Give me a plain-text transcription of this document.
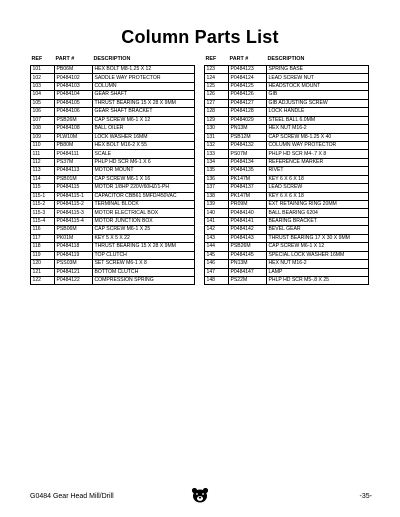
Column Parts List
REF	PART #	DESCRIPTION
101	PB06M	HEX BOLT M8-1.25 X 12
102	P0484102	SADDLE WAY PROTECTOR
103	P0484103	COLUMN
104	P0484104	GEAR SHAFT
105	P0484105	THRUST BEARING 15 X 28 X 9MM
106	P0484106	GEAR SHAFT BRACKET
107	PSB26M	CAP SCREW M6-1 X 12
108	P0484108	BALL OILER
109	PLW10M	LOCK WASHER 16MM
110	PB80M	HEX BOLT M16-2 X 55
111	P0484111	SCALE
112	PS37M	PHLP HD SCR M6-1 X 6
113	P0484113	MOTOR MOUNT
114	PSB01M	CAP SCREW M6-1 X 16
115	P0484115	MOTOR 1/8HP 220V/60HZ/1-PH
115-1	P0484115-1	CAPACITOR CBB61 5MFD/450VAC
115-2	P0484115-2	TERMINAL BLOCK
115-3	P0484115-3	MOTOR ELECTRICAL BOX
115-4	P0484115-4	MOTOR JUNCTION BOX
116	PSB06M	CAP SCREW M6-1 X 25
117	PK01M	KEY 5 X 5 X 22
118	P0484118	THRUST BEARING 15 X 28 X 9MM
119	P0484119	TOP CLUTCH
120	PSS03M	SET SCREW M6-1 X 8
121	P0484121	BOTTOM CLUTCH
122	P0484122	COMPRESSION SPRING
REF	PART #	DESCRIPTION
123	P0484123	SPRING BASE
124	P0484124	LEAD SCREW NUT
125	P0484125	HEADSTOCK MOUNT
126	P0484126	GIB
127	P0484127	GIB ADJUSTING SCREW
128	P0484128	LOCK HANDLE
129	P0484029	STEEL BALL 6.0MM
130	PN13M	HEX NUT M16-2
131	PSB12M	CAP SCREW M8-1.25 X 40
132	P0484132	COLUMN WAY PROTECTOR
133	PS07M	PHLP HD SCR M4-.7 X 8
134	P0484134	REFERENCE MARKER
135	P0484135	RIVET
136	PK147M	KEY 6 X 6 X 18
137	P0484137	LEAD SCREW
138	PK147M	KEY 6 X 6 X 18
139	PR09M	EXT RETAINING RING 20MM
140	P0484140	BALL BEARING 6204
141	P0484141	BEARING BRACKET
142	P0484142	BEVEL GEAR
143	P0484143	THRUST BEARING 17 X 30 X 9MM
144	PSB26M	CAP SCREW M6-1 X 12
145	P0484145	SPECIAL LOCK WASHER 16MM
146	PN13M	HEX NUT M16-2
147	P0484147	LAMP
148	PS22M	PHLP HD SCR M5-.8 X 25
G0484 Gear Head Mill/Drill	-35-
